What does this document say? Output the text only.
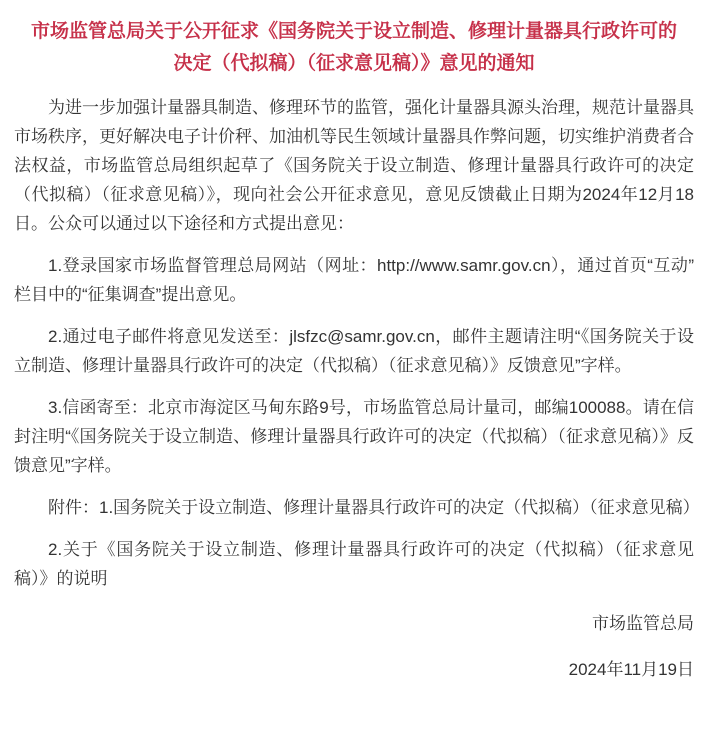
市场监管总局关于公开征求《国务院关于设立制造、修理计量器具行政许可的决定（代拟稿）（征求意见稿）》意见的通知

为进一步加强计量器具制造、修理环节的监管，强化计量器具源头治理，规范计量器具市场秩序，更好解决电子计价秤、加油机等民生领域计量器具作弊问题，切实维护消费者合法权益，市场监管总局组织起草了《国务院关于设立制造、修理计量器具行政许可的决定（代拟稿）（征求意见稿）》，现向社会公开征求意见，意见反馈截止日期为2024年12月18日。公众可以通过以下途径和方式提出意见：

1.登录国家市场监督管理总局网站（网址：http://www.samr.gov.cn），通过首页“互动”栏目中的“征集调查”提出意见。

2.通过电子邮件将意见发送至：jlsfzc@samr.gov.cn，邮件主题请注明“《国务院关于设立制造、修理计量器具行政许可的决定（代拟稿）（征求意见稿）》反馈意见”字样。

3.信函寄至：北京市海淀区马甸东路9号，市场监管总局计量司，邮编100088。请在信封注明“《国务院关于设立制造、修理计量器具行政许可的决定（代拟稿）（征求意见稿）》反馈意见”字样。

附件：1.国务院关于设立制造、修理计量器具行政许可的决定（代拟稿）（征求意见稿）

2.关于《国务院关于设立制造、修理计量器具行政许可的决定（代拟稿）（征求意见稿）》的说明

市场监管总局

2024年11月19日
